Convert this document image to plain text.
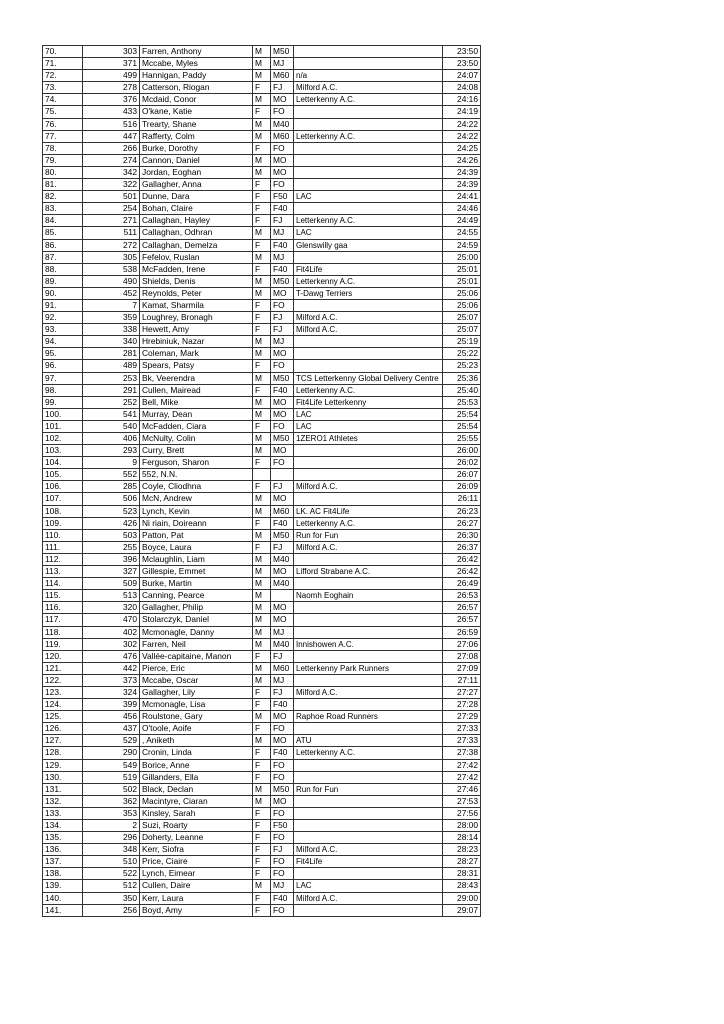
70.	303	Farren, Anthony	M	M50		23:50
71.	371	Mccabe, Myles	M	MJ		23:50
72.	499	Hannigan, Paddy	M	M60	n/a	24:07
73.	278	Catterson, Riogan	F	FJ	Milford A.C.	24:08
74.	376	Mcdaid, Conor	M	MO	Letterkenny A.C.	24:16
75.	433	O'kane, Katie	F	FO		24:19
76.	516	Trearty, Shane	M	M40		24:22
77.	447	Rafferty, Colm	M	M60	Letterkenny A.C.	24:22
78.	266	Burke, Dorothy	F	FO		24:25
79.	274	Cannon, Daniel	M	MO		24:26
80.	342	Jordan, Eoghan	M	MO		24:39
81.	322	Gallagher, Anna	F	FO		24:39
82.	501	Dunne, Dara	F	F50	LAC	24:41
83.	254	Bohan, Claire	F	F40		24:46
84.	271	Callaghan, Hayley	F	FJ	Letterkenny A.C.	24:49
85.	511	Callaghan, Odhran	M	MJ	LAC	24:55
86.	272	Callaghan, Demelza	F	F40	Glenswilly gaa	24:59
87.	305	Fefelov, Ruslan	M	MJ		25:00
88.	538	McFadden, Irene	F	F40	Fit4Life	25:01
89.	490	Shields, Denis	M	M50	Letterkenny A.C.	25:01
90.	452	Reynolds, Peter	M	MO	T-Dawg Terriers	25:06
91.	7	Kamat, Sharmila	F	FO		25:06
92.	359	Loughrey, Bronagh	F	FJ	Milford A.C.	25:07
93.	338	Hewett, Amy	F	FJ	Milford A.C.	25:07
94.	340	Hrebiniuk, Nazar	M	MJ		25:19
95.	281	Coleman, Mark	M	MO		25:22
96.	489	Spears, Patsy	F	FO		25:23
97.	253	Bk, Veerendra	M	M50	TCS Letterkenny Global Delivery Centre	25:36
98.	291	Cullen, Mairead	F	F40	Letterkenny A.C.	25:40
99.	252	Bell, Mike	M	MO	Fit4Life Letterkenny	25:53
100.	541	Murray, Dean	M	MO	LAC	25:54
101.	540	McFadden, Ciara	F	FO	LAC	25:54
102.	406	McNulty, Colin	M	M50	1ZERO1 Athletes	25:55
103.	293	Curry, Brett	M	MO		26:00
104.	9	Ferguson, Sharon	F	FO		26:02
105.	552	552, N.N.				26:07
106.	285	Coyle, Cliodhna	F	FJ	Milford A.C.	26:09
107.	506	McN, Andrew	M	MO		26:11
108.	523	Lynch, Kevin	M	M60	LK. AC Fit4Life	26:23
109.	426	Ni riain, Doireann	F	F40	Letterkenny A.C.	26:27
110.	503	Patton, Pat	M	M50	Run for Fun	26:30
111.	255	Boyce, Laura	F	FJ	Milford A.C.	26:37
112.	396	Mclaughlin, Liam	M	M40		26:42
113.	327	Gillespie, Emmet	M	MO	Lifford Strabane A.C.	26:42
114.	509	Burke, Martin	M	M40		26:49
115.	513	Canning, Pearce	M		Naomh Eoghain	26:53
116.	320	Gallagher, Philip	M	MO		26:57
117.	470	Stolarczyk, Daniel	M	MO		26:57
118.	402	Mcmonagle, Danny	M	MJ		26:59
119.	302	Farren, Neil	M	M40	Innishowen A.C.	27:06
120.	476	Vallée-capitaine, Manon	F	FJ		27:08
121.	442	Pierce, Eric	M	M60	Letterkenny Park Runners	27:09
122.	373	Mccabe, Oscar	M	MJ		27:11
123.	324	Gallagher, Lily	F	FJ	Milford A.C.	27:27
124.	399	Mcmonagle, Lisa	F	F40		27:28
125.	456	Roulstone, Gary	M	MO	Raphoe Road Runners	27:29
126.	437	O'toole, Aoife	F	FO		27:33
127.	529	, Aniketh	M	MO	ATU	27:33
128.	290	Cronin, Linda	F	F40	Letterkenny A.C.	27:38
129.	549	Borice, Anne	F	FO		27:42
130.	519	Gillanders, Ella	F	FO		27:42
131.	502	Black, Declan	M	M50	Run for Fun	27:46
132.	362	Macintyre, Ciaran	M	MO		27:53
133.	353	Kinsley, Sarah	F	FO		27:56
134.	2	Suzi, Roarty	F	F50		28:00
135.	296	Doherty, Leanne	F	FO		28:14
136.	348	Kerr, Siofra	F	FJ	Milford A.C.	28:23
137.	510	Price, Ciaire	F	FO	Fit4Life	28:27
138.	522	Lynch, Eimear	F	FO		28:31
139.	512	Cullen, Daire	M	MJ	LAC	28:43
140.	350	Kerr, Laura	F	F40	Milford A.C.	29:00
141.	256	Boyd, Amy	F	FO		29:07
